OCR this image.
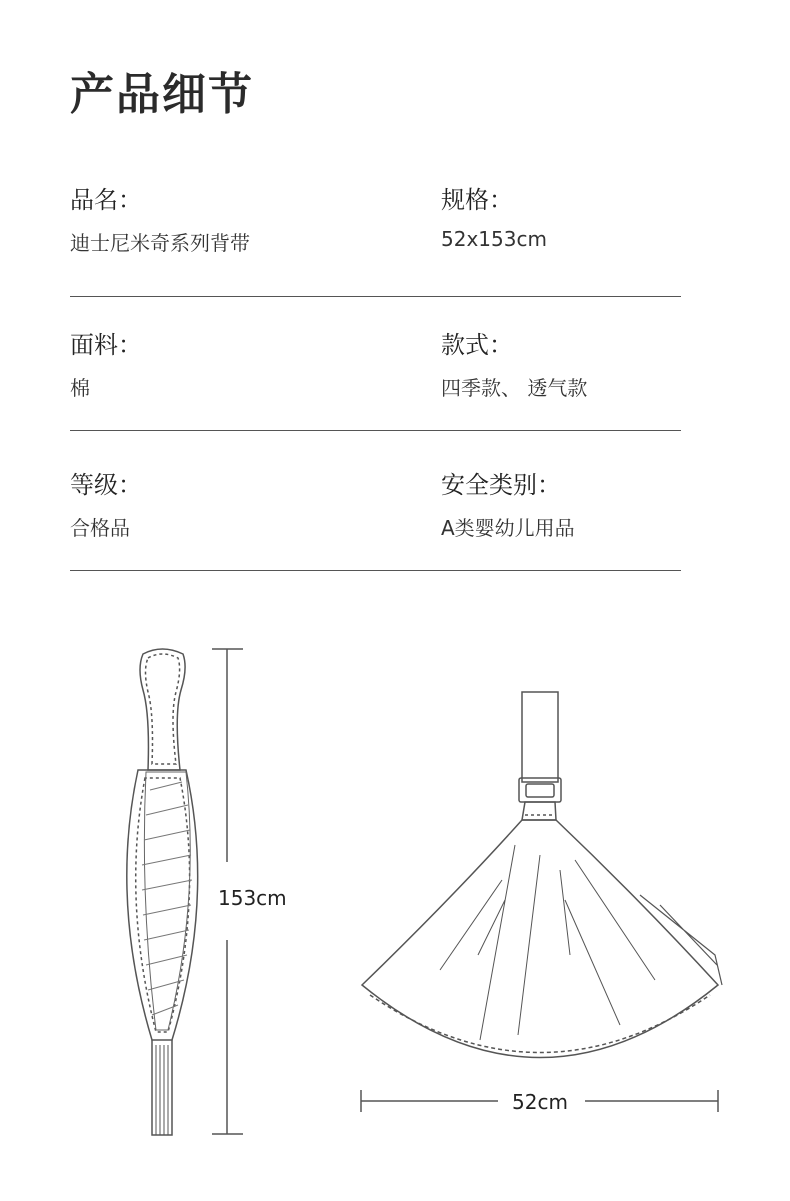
产品细节
品名：
迪士尼米奇系列背带
规格：
52x153cm
面料：
棉
款式：
四季款、 透气款
等级：
合格品
安全类别：
A类婴幼儿用品
153cm
52cm
